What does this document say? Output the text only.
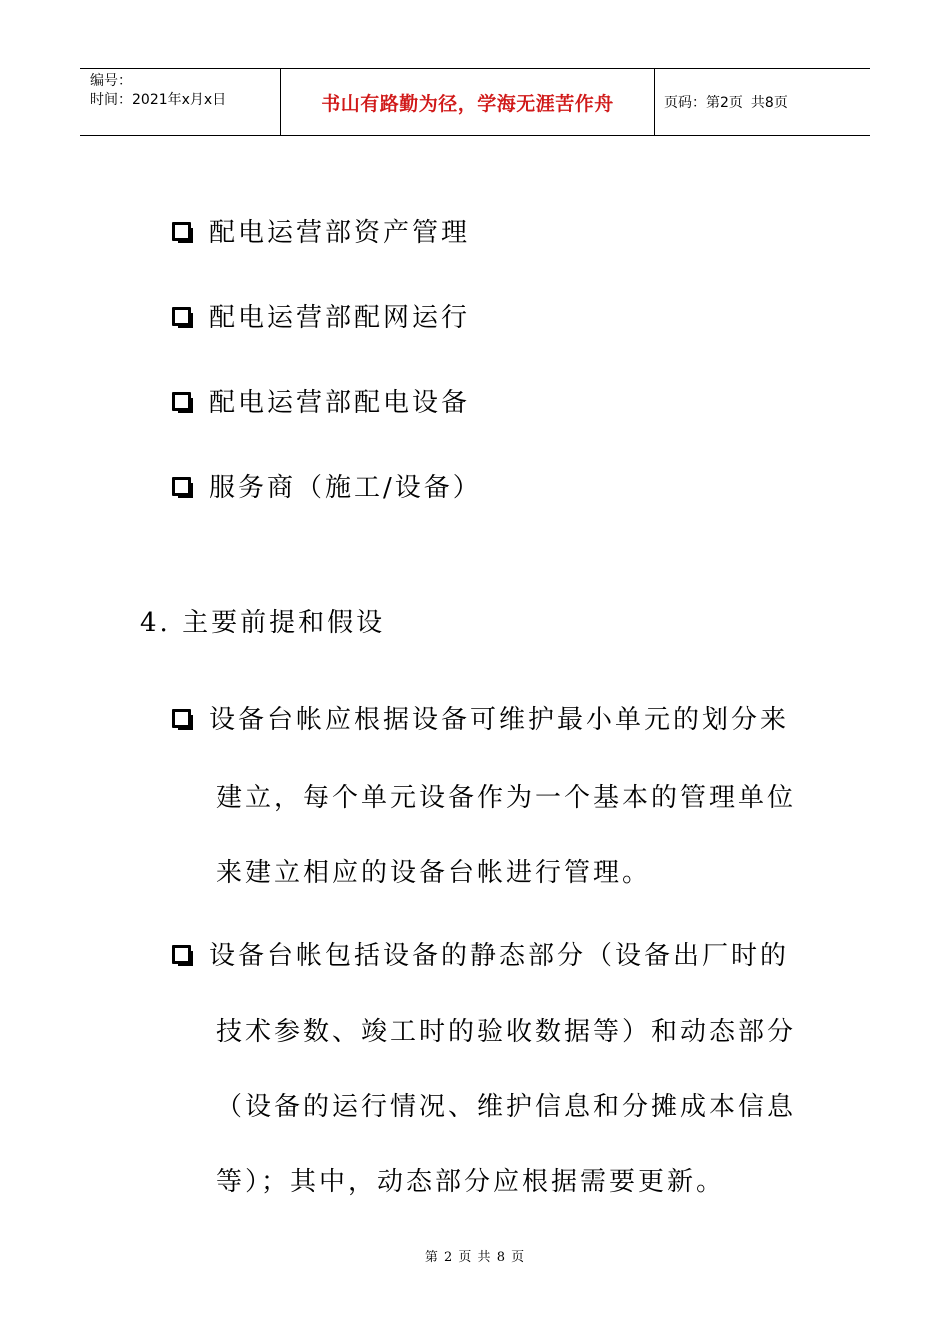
编号：
时间：2021年x月x日	书山有路勤为径，学海无涯苦作舟	页码：第2页 共8页
配电运营部资产管理
配电运营部配网运行
配电运营部配电设备
服务商（施工/设备）
4. 主要前提和假设
设备台帐应根据设备可维护最小单元的划分来
建立，每个单元设备作为一个基本的管理单位
来建立相应的设备台帐进行管理。
设备台帐包括设备的静态部分（设备出厂时的
技术参数、竣工时的验收数据等）和动态部分
（设备的运行情况、维护信息和分摊成本信息
等）；其中，动态部分应根据需要更新。
第 2 页 共 8 页
